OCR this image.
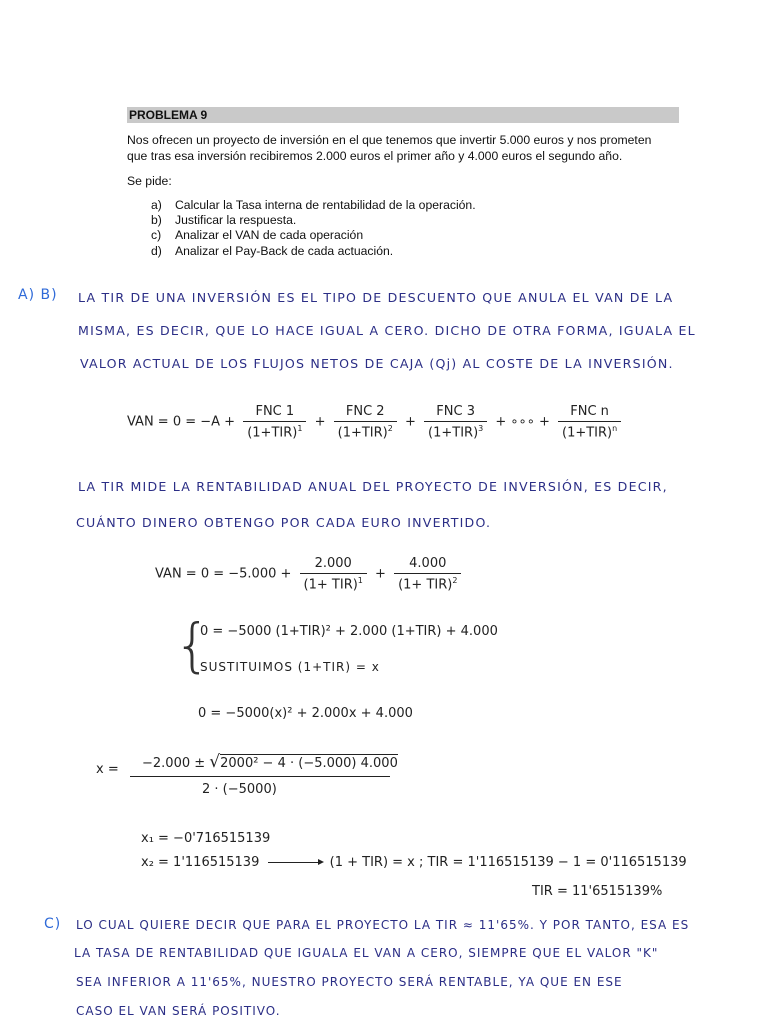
PROBLEMA 9
Nos ofrecen un proyecto de inversión en el que tenemos que invertir 5.000 euros y nos prometen
que tras esa inversión recibiremos 2.000 euros el primer año y 4.000 euros el segundo año.
Se pide:
a) Calcular la Tasa interna de rentabilidad de la operación.
b) Justificar la respuesta.
c) Analizar el VAN de cada operación
d) Analizar el Pay-Back de cada actuación.
A) B) LA TIR DE UNA INVERSIÓN ES EL TIPO DE DESCUENTO QUE ANULA EL VAN DE LA
MISMA, ES DECIR, QUE LO HACE IGUAL A CERO. DICHO DE OTRA FORMA, IGUALA EL
VALOR ACTUAL DE LOS FLUJOS NETOS DE CAJA (Qj) AL COSTE DE LA INVERSIÓN.
VAN = $0 = -A + \frac{\text{FNC 1}}{(1+TIR)^1} + \frac{\text{FNC 2}}{(1+TIR)^2} + \frac{\text{FNC 3}}{(1+TIR)^3}$ + ∘∘∘ + $\frac{\text{FNC n}}{(1+TIR)^n}$
LA TIR MIDE LA RENTABILIDAD ANUAL DEL PROYECTO DE INVERSIÓN, ES DECIR,
CUÁNTO DINERO OBTENGO POR CADA EURO INVERTIDO.
VAN = $0 = -5.000 + \frac{2.000}{(1+ TIR)^1} + \frac{4.000}{(1+ TIR)^2}$
{
0 = −5000 (1+TIR)² + 2.000 (1+TIR) + 4.000
SUSTITUIMOS (1+TIR) = x
0 = −5000(x)² + 2.000x + 4.000
x =	−2.000 ± √2000² − 4 · (−5.000) 4.000
2 · (−5000)
x₁ = −0'716515139
x₂ = 1'116515139	(1 + TIR) = x ; TIR = 1'116515139 − 1 = 0'116515139
TIR = 11'6515139%
C) LO CUAL QUIERE DECIR QUE PARA EL PROYECTO LA TIR ≈ 11'65%. Y POR TANTO, ESA ES
LA TASA DE RENTABILIDAD QUE IGUALA EL VAN A CERO, SIEMPRE QUE EL VALOR "K"
SEA INFERIOR A 11'65%, NUESTRO PROYECTO SERÁ RENTABLE, YA QUE EN ESE
CASO EL VAN SERÁ POSITIVO.
